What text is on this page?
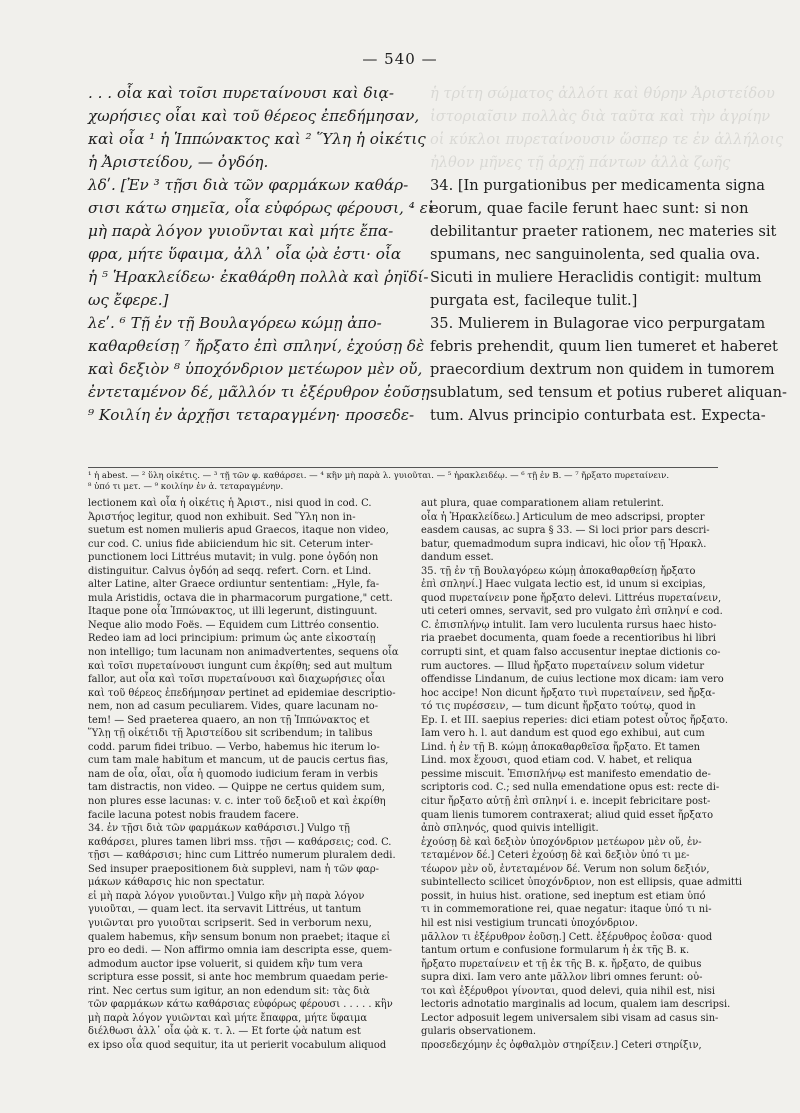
— 540 —
ἡ τρίτη σώματος ἀλλότι καὶ θύρην Ἀριστείδου
ἰστοριαῖσιν πολλὰς διὰ ταῦτα καὶ τὴν ἀγρίην
οἱ κύκλοι πυρεταίνουσιν ὥσπερ τε ἐν ἀλλήλοις
ἠλθον μῆνες τῇ ἀρχῇ πάντων ἀλλὰ ζωῆς
. . . οἷα καὶ τοῖσι πυρεταίνουσι καὶ διᾳ-
χωρήσιες οἷαι καὶ τοῦ θέρεος ἐπεδήμησαν,
καὶ οἷα ¹ ἡ Ἱππώνακτος καὶ ² Ὕλη ἡ οἰκέτις
ἡ Ἀριστείδου, — ὀγδόη.
λδʹ. [Ἐν ³ τῇσι διὰ τῶν φαρμάκων καθάρ-
σισι κάτω σημεῖα, οἷα εὐφόρως φέρουσι, ⁴ εἰ
μὴ παρὰ λόγον γυιοῦνται καὶ μήτε ἔπα-
φρα, μήτε ὕφαιμα, ἀλλ᾽ οἷα ᾠὰ ἐστι· οἷα
ἡ ⁵ Ἡρακλείδεω· ἐκαθάρθη πολλὰ καὶ ῥηϊδί-
ως ἔφερε.]
λεʹ. ⁶ Τῇ ἐν τῇ Βουλαγόρεω κώμῃ ἀπο-
καθαρθείσῃ ⁷ ἤρξατο ἐπὶ σπληνί, ἐχούσῃ δὲ
καὶ δεξιὸν ⁸ ὑποχόνδριον μετέωρον μὲν οὔ,
ἐντεταμένον δέ, μᾶλλόν τι ἐξέρυθρον ἐοῦσῃ.
⁹ Κοιλίη ἐν ἀρχῇσι τεταραγμένη· προσεδε-
34. [In purgationibus per medicamenta signa
eorum, quae facile ferunt haec sunt: si non
debilitantur praeter rationem, nec materies sit
spumans, nec sanguinolenta, sed qualia ova.
Sicuti in muliere Heraclidis contigit: multum
purgata est, facileque tulit.]
35. Mulierem in Bulagorae vico perpurgatam
febris prehendit, quum lien tumeret et haberet
praecordium dextrum non quidem in tumorem
sublatum, sed tensum et potius ruberet aliquan-
tum. Alvus principio conturbata est. Expecta-
¹ ἡ abest. — ² ὕλη οἰκέτις. — ³ τῇ τῶν φ. καθάρσει. — ⁴ κἢν μὴ παρὰ λ. γυιοῦται. — ⁵ ἡρακλειδέῳ. — ⁶ τῇ ἐν Β. — ⁷ ἤρξατο πυρεταίνειν.
⁸ ὑπό τι μετ. — ⁹ κοιλίην ἐν ἀ. τεταραγμένην.
lectionem καὶ οἷα ἡ οἰκέτις ἡ Ἀριστ., nisi quod in cod. C.
Ἀριστήος legitur, quod non exhibuit. Sed Ὕλη non in-
suetum est nomen mulieris apud Graecos, itaque non video,
cur cod. C. unius fide abiiciendum hic sit. Ceterum inter-
punctionem loci Littréus mutavit; in vulg. pone ὀγδόη non
distinguitur. Calvus ὀγδόη ad seqq. refert. Corn. et Lind.
alter Latine, alter Graece ordiuntur sententiam: „Hyle, fa-
mula Aristidis, octava die in pharmacorum purgatione," cett.
Itaque pone οἷα Ἱππώνακτος, ut illi legerunt, distinguunt.
Neque alio modo Foës. — Equidem cum Littréo consentio.
Redeo iam ad loci principium: primum ὡς ante εἰκοσταίῃ
non intelligo; tum lacunam non animadvertentes, sequens οἷα
καὶ τοῖσι πυρεταίνουσι iungunt cum ἐκρίθη; sed aut multum
fallor, aut οἷα καὶ τοῖσι πυρεταίνουσι καὶ διαχωρήσιες οἷαι
καὶ τοῦ θέρεος ἐπεδήμησαν pertinet ad epidemiae descriptio-
nem, non ad casum peculiarem. Vides, quare lacunam no-
tem! — Sed praeterea quaero, an non τῇ Ἱππώνακτος et
Ὕλῃ τῇ οἰκέτιδι τῇ Ἀριστείδου sit scribendum; in talibus
codd. parum fidei tribuo. — Verbo, habemus hic iterum lo-
cum tam male habitum et mancum, ut de paucis certus fias,
nam de οἷα, οἷαι, οἷα ἡ quomodo iudicium feram in verbis
tam distractis, non video. — Quippe ne certus quidem sum,
non plures esse lacunas: v. c. inter τοῦ δεξιοῦ et καὶ ἐκρίθη
facile lacuna potest nobis fraudem facere.
34. ἐν τῇσι διὰ τῶν φαρμάκων καθάρσισι.] Vulgo τῇ
καθάρσει, plures tamen libri mss. τῇσι — καθάρσεις; cod. C.
τῇσι — καθάρσισι; hinc cum Littréo numerum pluralem dedi.
Sed insuper praepositionem διὰ supplevi, nam ἡ τῶν φαρ-
μάκων κάθαρσις hic non spectatur.
εἰ μὴ παρὰ λόγον γυιοῦνται.] Vulgo κἢν μὴ παρὰ λόγον
γυιοῦται, — quam lect. ita servavit Littréus, ut tantum
γυιῶνται pro γυιοῦται scripserit. Sed in verborum nexu,
qualem habemus, κἢν sensum bonum non praebet; itaque εἰ
pro eo dedi. — Non affirmo omnia iam descripta esse, quem-
admodum auctor ipse voluerit, si quidem κἢν tum vera
scriptura esse possit, si ante hoc membrum quaedam perie-
rint. Nec certus sum igitur, an non edendum sit: τὰς διὰ
τῶν φαρμάκων κάτω καθάρσιας εὐφόρως φέρουσι . . . . . κἢν
μὴ παρὰ λόγον γυιῶνται καὶ μήτε ἔπαφρα, μήτε ὕφαιμα
διέλθωσι ἀλλ᾽ οἷα ᾠὰ κ. τ. λ. — Et forte ᾠὰ natum est
ex ipso οἷα quod sequitur, ita ut perierit vocabulum aliquod
aut plura, quae comparationem aliam retulerint.
οἷα ἡ Ἡρακλείδεω.] Articulum de meo adscripsi, propter
easdem causas, ac supra § 33. — Si loci prior pars descri-
batur, quemadmodum supra indicavi, hic οἷον τῇ Ἡρακλ.
dandum esset.
35. τῇ ἐν τῇ Βουλαγόρεω κώμῃ ἀποκαθαρθείσῃ ἤρξατο
ἐπὶ σπληνί.] Haec vulgata lectio est, id unum si excipias,
quod πυρεταίνειν pone ἤρξατο delevi. Littréus πυρεταίνειν,
uti ceteri omnes, servavit, sed pro vulgato ἐπὶ σπληνί e cod.
C. ἐπισπλήνῳ intulit. Iam vero luculenta rursus haec histo-
ria praebet documenta, quam foede a recentioribus hi libri
corrupti sint, et quam falso accusentur ineptae dictionis co-
rum auctores. — Illud ἤρξατο πυρεταίνειν solum videtur
offendisse Lindanum, de cuius lectione mox dicam: iam vero
hoc accipe! Non dicunt ἤρξατο τινὶ πυρεταίνειν, sed ἤρξα-
τό τις πυρέσσειν, — tum dicunt ἤρξατο τούτῳ, quod in
Ep. I. et III. saepius reperies: dici etiam potest οὗτος ἤρξατο.
Iam vero h. l. aut dandum est quod ego exhibui, aut cum
Lind. ἡ ἐν τῇ Β. κώμῃ ἀποκαθαρθεῖσα ἤρξατο. Et tamen
Lind. mox ἔχουσι, quod etiam cod. V. habet, et reliqua
pessime miscuit. Ἐπισπλήνῳ est manifesto emendatio de-
scriptoris cod. C.; sed nulla emendatione opus est: recte di-
citur ἤρξατο αὐτῇ ἐπὶ σπληνί i. e. incepit febricitare post-
quam lienis tumorem contraxerat; aliud quid esset ἤρξατο
ἀπὸ σπληνός, quod quivis intelligit.
ἐχούσῃ δὲ καὶ δεξιὸν ὑποχόνδριον μετέωρον μὲν οὔ, ἐν-
τεταμένον δέ.] Ceteri ἐχούσῃ δὲ καὶ δεξιὸν ὑπό τι με-
τέωρον μὲν οὔ, ἐντεταμένον δέ. Verum non solum δεξιόν,
subintellecto scilicet ὑποχόνδριον, non est ellipsis, quae admitti
possit, in huius hist. oratione, sed ineptum est etiam ὑπό
τι in commemoratione rei, quae negatur: itaque ὑπό τι ni-
hil est nisi vestigium truncati ὑποχόνδριον.
μᾶλλον τι ἐξέρυθρον ἐοῦσῃ.] Cett. ἐξέρυθρος ἐοῦσα· quod
tantum ortum e confusione formularum ἡ ἐκ τῆς Β. κ.
ἤρξατο πυρεταίνειν et τῇ ἐκ τῆς Β. κ. ἤρξατο, de quibus
supra dixi. Iam vero ante μᾶλλον libri omnes ferunt: οὐ-
τοι καὶ ἐξέρυθροι γίνονται, quod delevi, quia nihil est, nisi
lectoris adnotatio marginalis ad locum, qualem iam descripsi.
Lector adposuit legem universalem sibi visam ad casus sin-
gularis observationem.
προσεδεχόμην ἐς ὀφθαλμὸν στηρίξειν.] Ceteri στηρίξιν,
